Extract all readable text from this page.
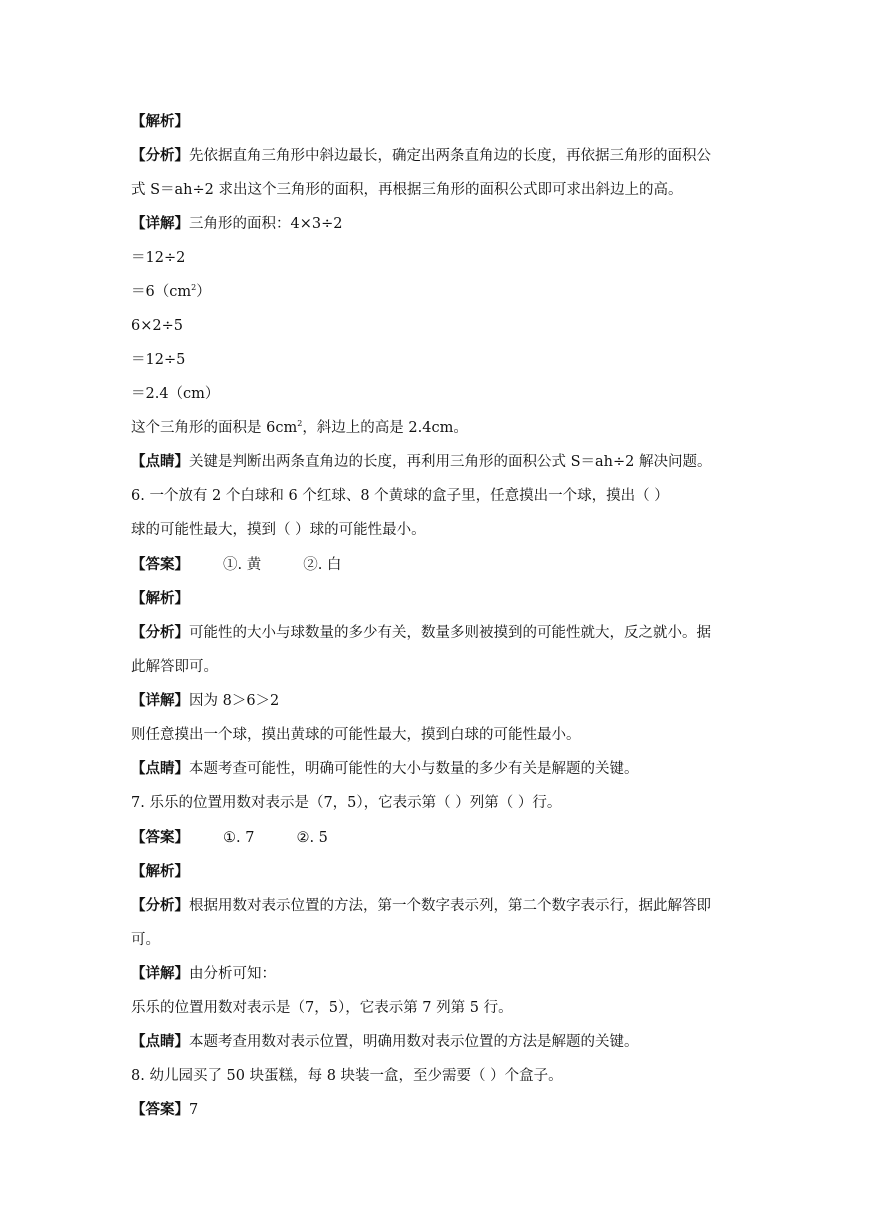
【解析】
【分析】先依据直角三角形中斜边最长，确定出两条直角边的长度，再依据三角形的面积公
式 S＝ah÷2 求出这个三角形的面积，再根据三角形的面积公式即可求出斜边上的高。
【详解】三角形的面积：4×3÷2
＝12÷2
$=6(cm^2)$
6×2÷5
＝12÷5
＝2.4（cm）
这个三角形的面积是 $6cm^2$，斜边上的高是 2.4cm。
【点睛】关键是判断出两条直角边的长度，再利用三角形的面积公式 S＝ah÷2 解决问题。
6. 一个放有 2 个白球和 6 个红球、8 个黄球的盒子里，任意摸出一个球，摸出（ ）
球的可能性最大，摸到（ ）球的可能性最小。
【答案】 ①. 黄	②. 白
【解析】
【分析】可能性的大小与球数量的多少有关，数量多则被摸到的可能性就大，反之就小。据
此解答即可。
【详解】因为 8＞6＞2
则任意摸出一个球，摸出黄球的可能性最大，摸到白球的可能性最小。
【点睛】本题考查可能性，明确可能性的大小与数量的多少有关是解题的关键。
7. 乐乐的位置用数对表示是（7，5），它表示第（ ）列第（ ）行。
【答案】 ①. 7	②. 5
【解析】
【分析】根据用数对表示位置的方法，第一个数字表示列，第二个数字表示行，据此解答即
可。
【详解】由分析可知：
乐乐的位置用数对表示是（7，5），它表示第 7 列第 5 行。
【点睛】本题考查用数对表示位置，明确用数对表示位置的方法是解题的关键。
8. 幼儿园买了 50 块蛋糕，每 8 块装一盒，至少需要（ ）个盒子。
【答案】7
